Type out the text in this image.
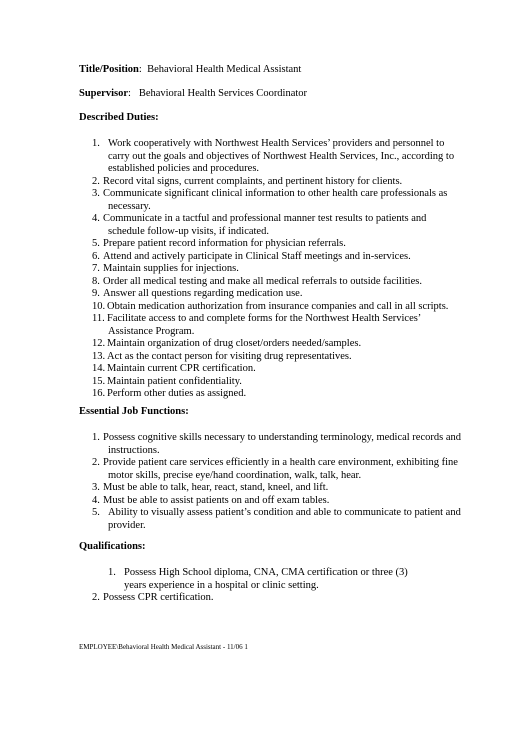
Title/Position:  Behavioral Health Medical Assistant
Supervisor:   Behavioral Health Services Coordinator
Described Duties:
1. Work cooperatively with Northwest Health Services’ providers and personnel to carry out the goals and objectives of Northwest Health Services, Inc., according to established policies and procedures.
2. Record vital signs, current complaints, and pertinent history for clients.
3. Communicate significant clinical information to other health care professionals as necessary.
4. Communicate in a tactful and professional manner test results to patients and schedule follow-up visits, if indicated.
5. Prepare patient record information for physician referrals.
6. Attend and actively participate in Clinical Staff meetings and in-services.
7. Maintain supplies for injections.
8. Order all medical testing and make all medical referrals to outside facilities.
9. Answer all questions regarding medication use.
10. Obtain medication authorization from insurance companies and call in all scripts.
11. Facilitate access to and complete forms for the Northwest Health Services’ Assistance Program.
12. Maintain organization of drug closet/orders needed/samples.
13. Act as the contact person for visiting drug representatives.
14. Maintain current CPR certification.
15. Maintain patient confidentiality.
16. Perform other duties as assigned.
Essential Job Functions:
1. Possess cognitive skills necessary to understanding terminology, medical records and instructions.
2. Provide patient care services efficiently in a health care environment, exhibiting fine motor skills, precise eye/hand coordination, walk, talk, hear.
3. Must be able to talk, hear, react, stand, kneel, and lift.
4. Must be able to assist patients on and off exam tables.
5. Ability to visually assess patient’s condition and able to communicate to patient and provider.
Qualifications:
1. Possess High School diploma, CNA, CMA certification or three (3) years experience in a hospital or clinic setting.
2. Possess CPR certification.
EMPLOYEE\Behavioral Health Medical Assistant - 11/06 1
